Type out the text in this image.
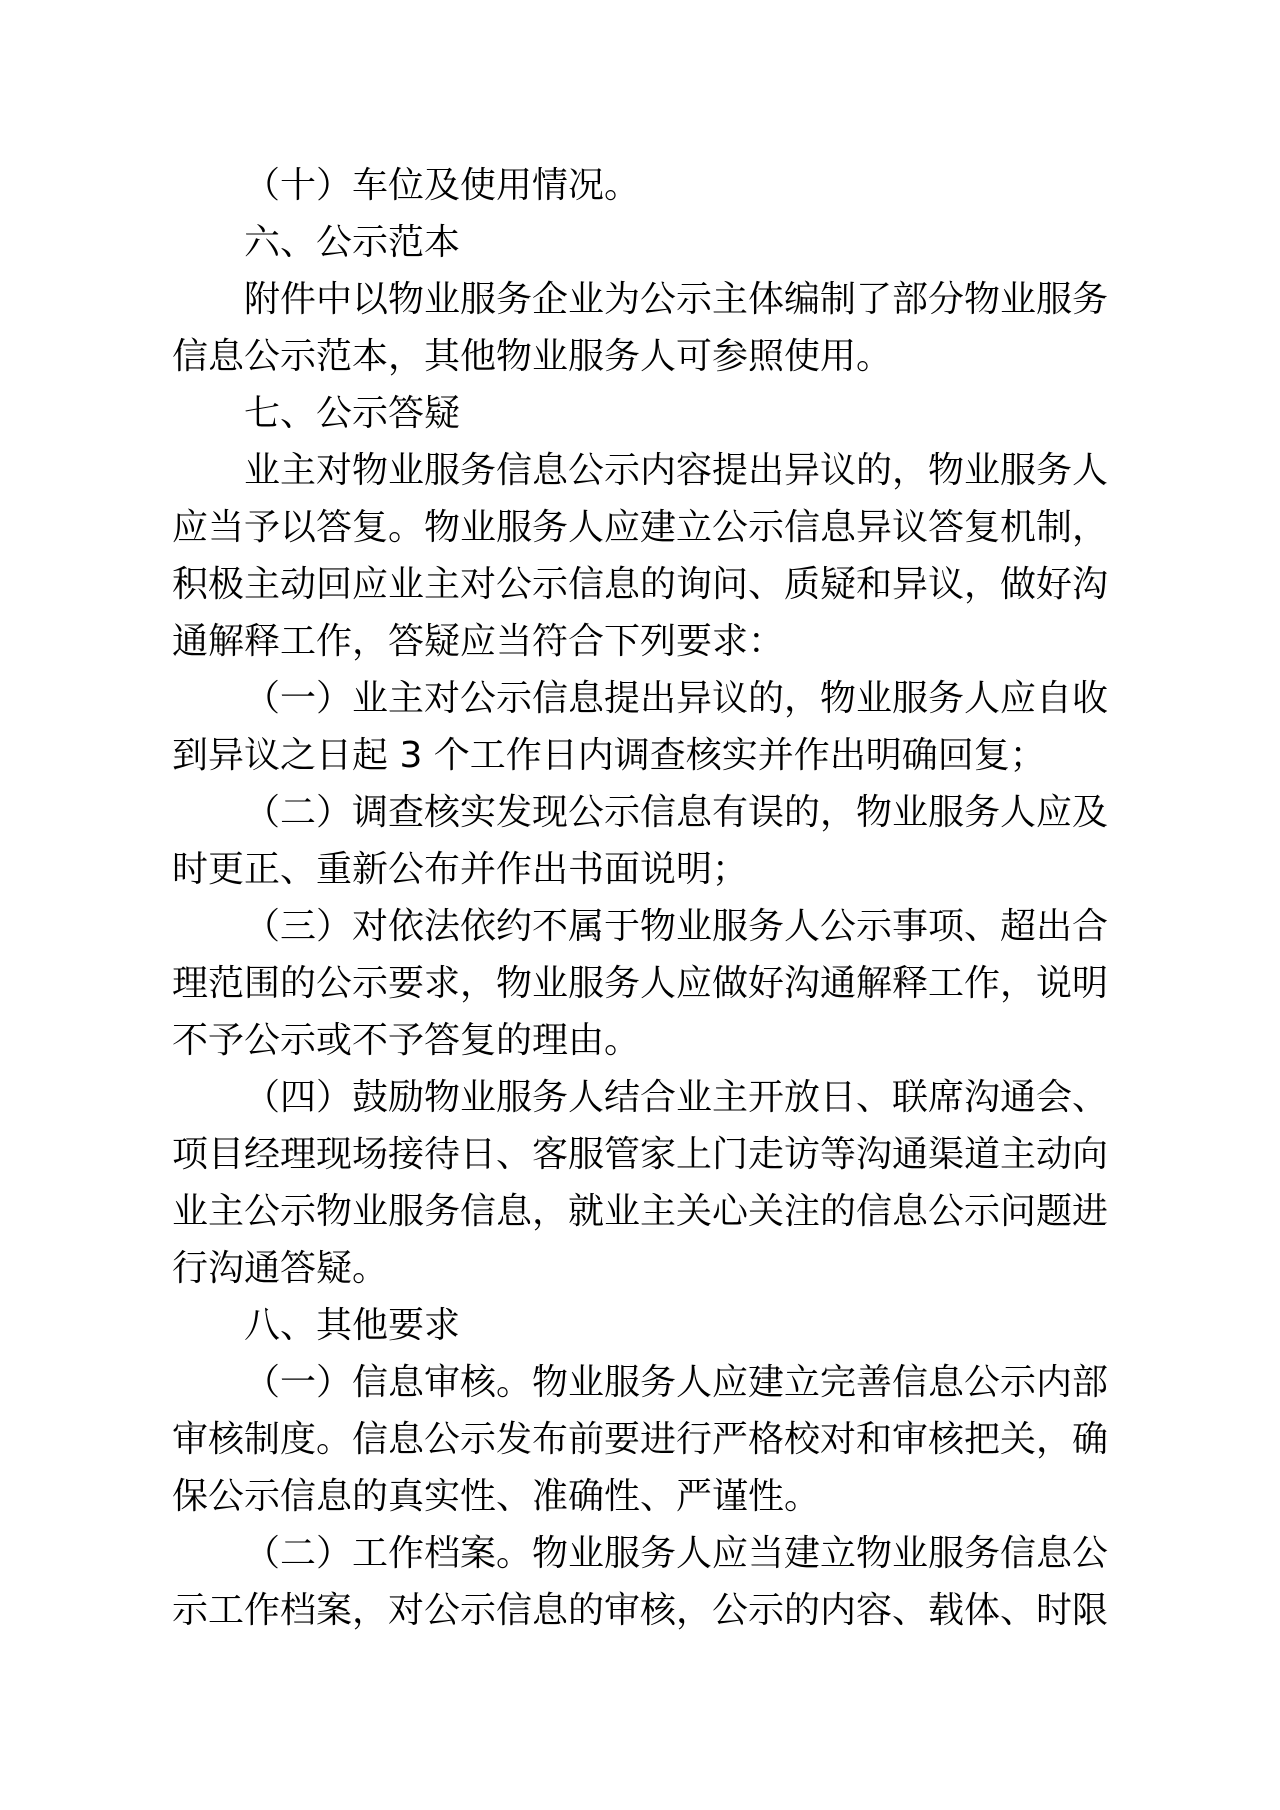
（十）车位及使用情况。

六、公示范本

附件中以物业服务企业为公示主体编制了部分物业服务信息公示范本，其他物业服务人可参照使用。

七、公示答疑

业主对物业服务信息公示内容提出异议的，物业服务人应当予以答复。物业服务人应建立公示信息异议答复机制，积极主动回应业主对公示信息的询问、质疑和异议，做好沟通解释工作，答疑应当符合下列要求：

（一）业主对公示信息提出异议的，物业服务人应自收到异议之日起 3 个工作日内调查核实并作出明确回复；

（二）调查核实发现公示信息有误的，物业服务人应及时更正、重新公布并作出书面说明；

（三）对依法依约不属于物业服务人公示事项、超出合理范围的公示要求，物业服务人应做好沟通解释工作，说明不予公示或不予答复的理由。

（四）鼓励物业服务人结合业主开放日、联席沟通会、项目经理现场接待日、客服管家上门走访等沟通渠道主动向业主公示物业服务信息，就业主关心关注的信息公示问题进行沟通答疑。

八、其他要求

（一）信息审核。物业服务人应建立完善信息公示内部审核制度。信息公示发布前要进行严格校对和审核把关，确保公示信息的真实性、准确性、严谨性。

（二）工作档案。物业服务人应当建立物业服务信息公示工作档案，对公示信息的审核，公示的内容、载体、时限
